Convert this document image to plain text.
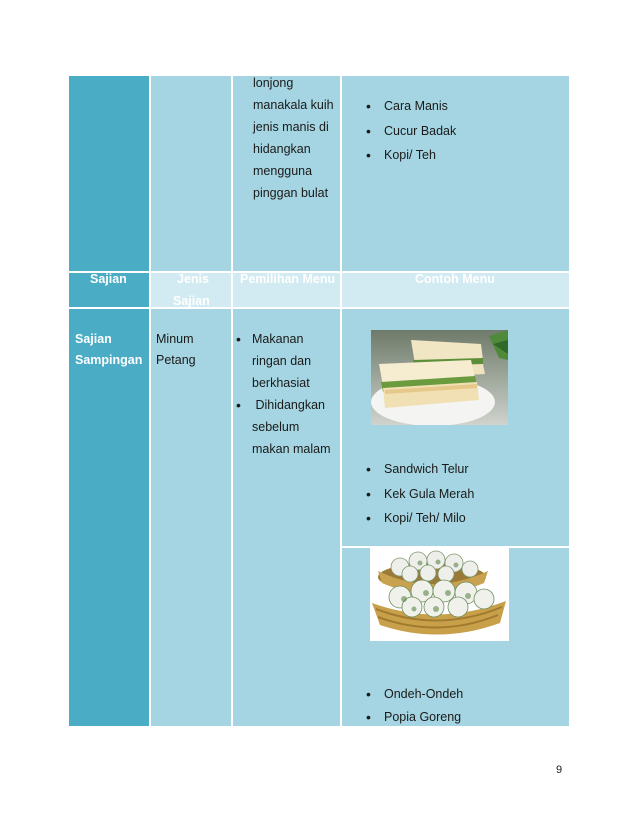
lonjong
manakala kuih
jenis manis di
hidangkan
mengguna
pinggan bulat
• Cara Manis
• Cucur Badak
• Kopi/ Teh
Sajian	Jenis
Sajian
Pemilihan Menu	Contoh Menu
Sajian
Sampingan
Minum
Petang
• Makanan
ringan dan
berkhasiat
• Dihidangkan
sebelum
makan malam
• Sandwich Telur
• Kek Gula Merah
• Kopi/ Teh/ Milo
• Ondeh-Ondeh
• Popia Goreng
9
